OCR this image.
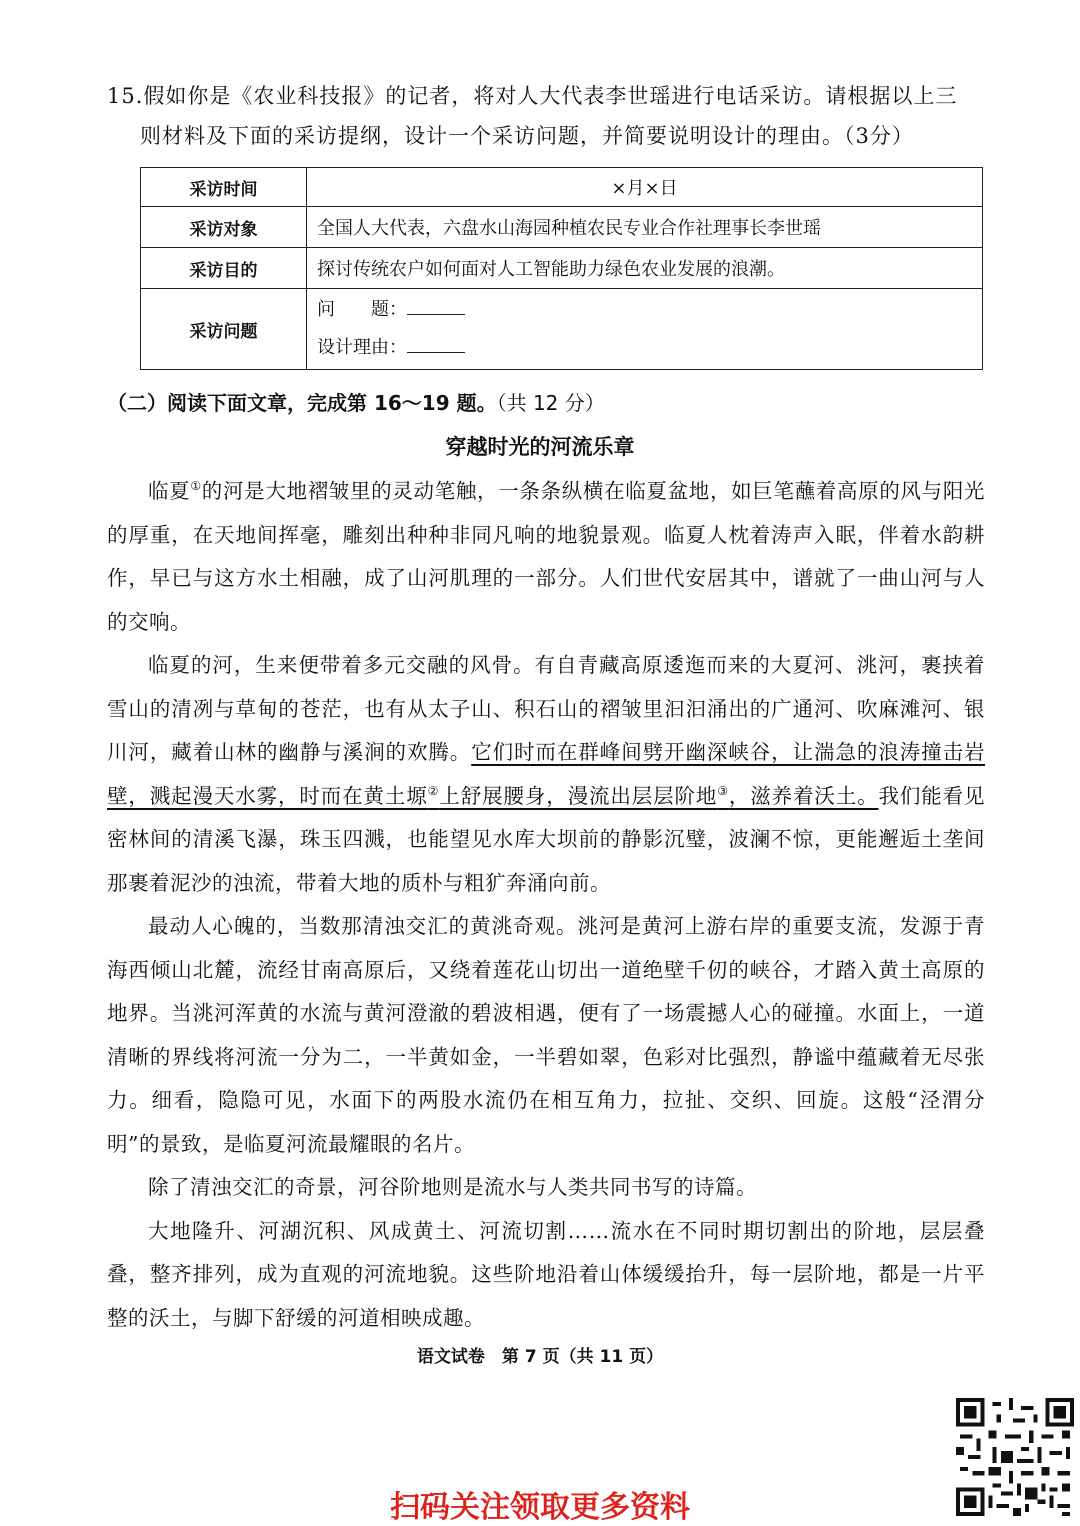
15.假如你是《农业科技报》的记者，将对人大代表李世瑶进行电话采访。请根据以上三
则材料及下面的采访提纲，设计一个采访问题，并简要说明设计的理由。（3分）
采访时间	×月×日
采访对象	全国人大代表，六盘水山海园种植农民专业合作社理事长李世瑶
采访目的	探讨传统农户如何面对人工智能助力绿色农业发展的浪潮。
采访问题	问　　题：
设计理由：
（二）阅读下面文章，完成第 16～19 题。（共 12 分）
穿越时光的河流乐章

临夏①的河是大地褶皱里的灵动笔触，一条条纵横在临夏盆地，如巨笔蘸着高原的风与阳光的厚重，在天地间挥毫，雕刻出种种非同凡响的地貌景观。临夏人枕着涛声入眠，伴着水韵耕作，早已与这方水土相融，成了山河肌理的一部分。人们世代安居其中，谱就了一曲山河与人的交响。

临夏的河，生来便带着多元交融的风骨。有自青藏高原逶迤而来的大夏河、洮河，裹挟着雪山的清冽与草甸的苍茫，也有从太子山、积石山的褶皱里汩汩涌出的广通河、吹麻滩河、银川河，藏着山林的幽静与溪涧的欢腾。它们时而在群峰间劈开幽深峡谷，让湍急的浪涛撞击岩壁，溅起漫天水雾，时而在黄土塬②上舒展腰身，漫流出层层阶地③，滋养着沃土。我们能看见密林间的清溪飞瀑，珠玉四溅，也能望见水库大坝前的静影沉璧，波澜不惊，更能邂逅土垄间那裹着泥沙的浊流，带着大地的质朴与粗犷奔涌向前。

最动人心魄的，当数那清浊交汇的黄洮奇观。洮河是黄河上游右岸的重要支流，发源于青海西倾山北麓，流经甘南高原后，又绕着莲花山切出一道绝壁千仞的峡谷，才踏入黄土高原的地界。当洮河浑黄的水流与黄河澄澈的碧波相遇，便有了一场震撼人心的碰撞。水面上，一道清晰的界线将河流一分为二，一半黄如金，一半碧如翠，色彩对比强烈，静谧中蕴藏着无尽张力。细看，隐隐可见，水面下的两股水流仍在相互角力，拉扯、交织、回旋。这般“泾渭分明”的景致，是临夏河流最耀眼的名片。

除了清浊交汇的奇景，河谷阶地则是流水与人类共同书写的诗篇。

大地隆升、河湖沉积、风成黄土、河流切割……流水在不同时期切割出的阶地，层层叠叠，整齐排列，成为直观的河流地貌。这些阶地沿着山体缓缓抬升，每一层阶地，都是一片平整的沃土，与脚下舒缓的河道相映成趣。

语文试卷　第 7 页（共 11 页）
扫码关注领取更多资料
